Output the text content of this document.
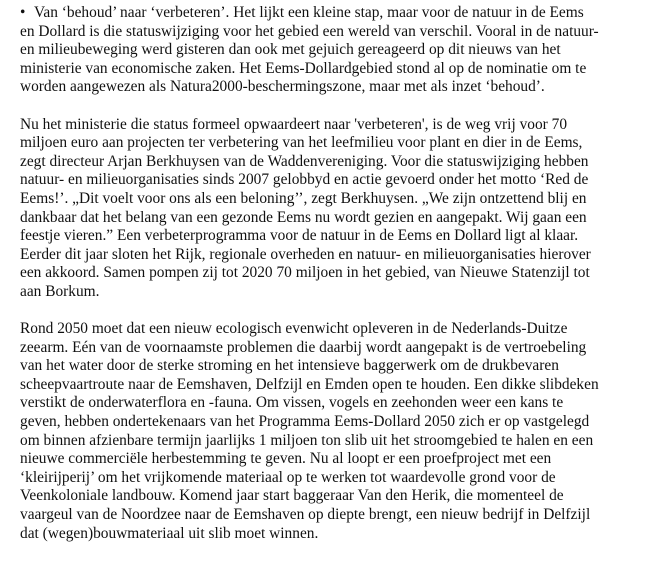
• Van ‘behoud’ naar ‘verbeteren’. Het lijkt een kleine stap, maar voor de natuur in de Eems
en Dollard is die statuswijziging voor het gebied een wereld van verschil. Vooral in de natuur-
en milieubeweging werd gisteren dan ook met gejuich gereageerd op dit nieuws van het
ministerie van economische zaken. Het Eems-Dollardgebied stond al op de nominatie om te
worden aangewezen als Natura2000-beschermingszone, maar met als inzet ‘behoud’.

Nu het ministerie die status formeel opwaardeert naar 'verbeteren', is de weg vrij voor 70
miljoen euro aan projecten ter verbetering van het leefmilieu voor plant en dier in de Eems,
zegt directeur Arjan Berkhuysen van de Waddenvereniging. Voor die statuswijziging hebben
natuur- en milieuorganisaties sinds 2007 gelobbyd en actie gevoerd onder het motto ‘Red de
Eems!’. „Dit voelt voor ons als een beloning’’, zegt Berkhuysen. „We zijn ontzettend blij en
dankbaar dat het belang van een gezonde Eems nu wordt gezien en aangepakt. Wij gaan een
feestje vieren.” Een verbeterprogramma voor de natuur in de Eems en Dollard ligt al klaar.
Eerder dit jaar sloten het Rijk, regionale overheden en natuur- en milieuorganisaties hierover
een akkoord. Samen pompen zij tot 2020 70 miljoen in het gebied, van Nieuwe Statenzijl tot
aan Borkum.

Rond 2050 moet dat een nieuw ecologisch evenwicht opleveren in de Nederlands-Duitze
zeearm. Eén van de voornaamste problemen die daarbij wordt aangepakt is de vertroebeling
van het water door de sterke stroming en het intensieve baggerwerk om de drukbevaren
scheepvaartroute naar de Eemshaven, Delfzijl en Emden open te houden. Een dikke slibdeken
verstikt de onderwaterflora en -fauna. Om vissen, vogels en zeehonden weer een kans te
geven, hebben ondertekenaars van het Programma Eems-Dollard 2050 zich er op vastgelegd
om binnen afzienbare termijn jaarlijks 1 miljoen ton slib uit het stroomgebied te halen en een
nieuwe commerciële herbestemming te geven. Nu al loopt er een proefproject met een
‘kleirijperij’ om het vrijkomende materiaal op te werken tot waardevolle grond voor de
Veenkoloniale landbouw. Komend jaar start baggeraar Van den Herik, die momenteel de
vaargeul van de Noordzee naar de Eemshaven op diepte brengt, een nieuw bedrijf in Delfzijl
dat (wegen)bouwmateriaal uit slib moet winnen.
